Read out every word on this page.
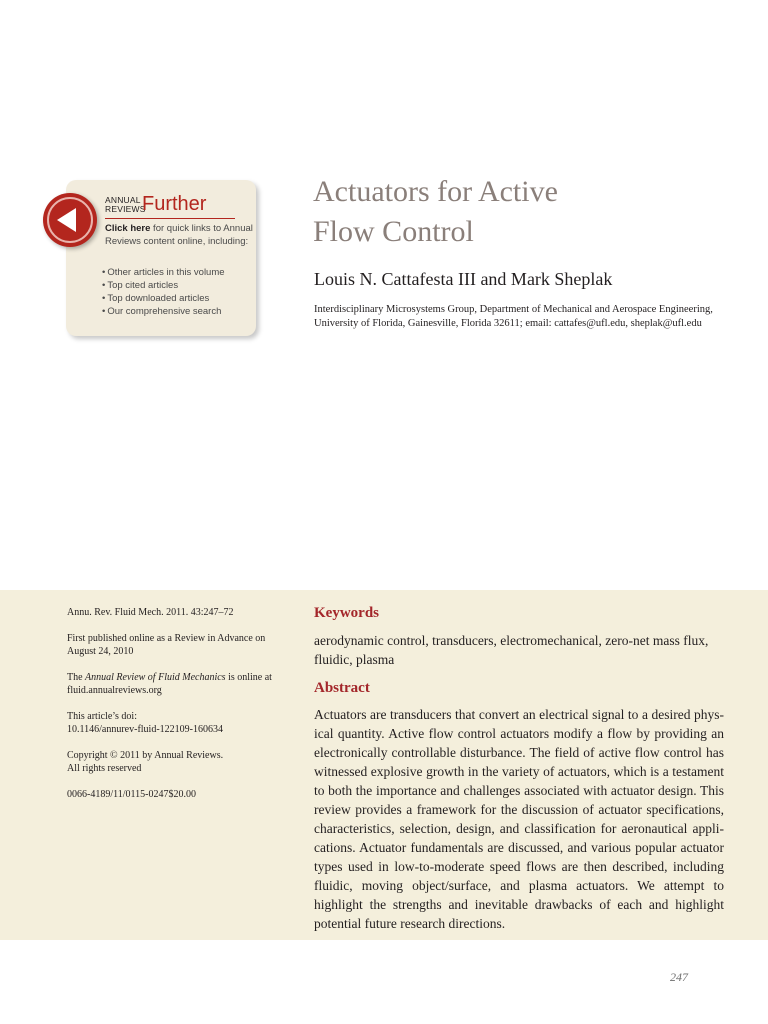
ANNUAL
REVIEWS
Further
Click here for quick links to Annual Reviews content online, including:
• Other articles in this volume
• Top cited articles
• Top downloaded articles
• Our comprehensive search
Actuators for Active
Flow Control
Louis N. Cattafesta III and Mark Sheplak
Interdisciplinary Microsystems Group, Department of Mechanical and Aerospace Engineering, University of Florida, Gainesville, Florida 32611; email: cattafes@ufl.edu, sheplak@ufl.edu

Annu. Rev. Fluid Mech. 2011. 43:247–72

First published online as a Review in Advance on August 24, 2010

The Annual Review of Fluid Mechanics is online at fluid.annualreviews.org

This article’s doi:
10.1146/annurev-fluid-122109-160634

Copyright © 2011 by Annual Reviews.
All rights reserved

0066-4189/11/0115-0247$20.00

Keywords
aerodynamic control, transducers, electromechanical, zero-net mass flux, fluidic, plasma
Abstract
Actuators are transducers that convert an electrical signal to a desired physical quantity. Active flow control actuators modify a flow by providing an electronically controllable disturbance. The field of active flow control has witnessed explosive growth in the variety of actuators, which is a testament to both the importance and challenges associated with actuator design. This review provides a framework for the discussion of actuator specifications, characteristics, selection, design, and classification for aeronautical applications. Actuator fundamentals are discussed, and various popular actuator types used in low-to-moderate speed flows are then described, including fluidic, moving object/surface, and plasma actuators. We attempt to highlight the strengths and inevitable drawbacks of each and highlight potential future research directions.
247
